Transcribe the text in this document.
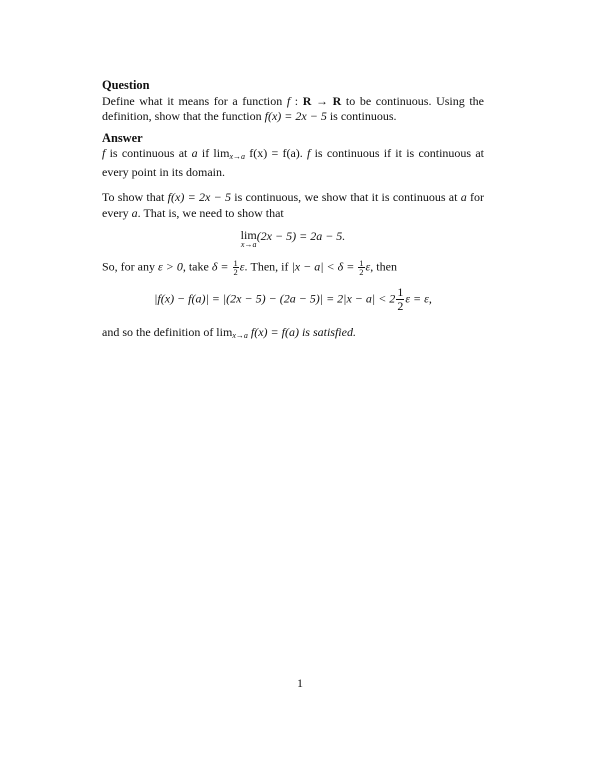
Question

Define what it means for a function f : R → R to be continuous. Using the definition, show that the function f(x) = 2x − 5 is continuous.

Answer

f is continuous at a if limx→a f(x) = f(a). f is continuous if it is continuous at every point in its domain.

To show that f(x) = 2x − 5 is continuous, we show that it is continuous at a for every a. That is, we need to show that

lim
x→a
(2x − 5) = 2a − 5.

So, for any ε > 0, take $\delta = \frac{1}{2} \varepsilon$. Then, if $|x - a| < \delta = \frac{1}{2} \varepsilon$, then

$|f(x) - f(a)| = |(2x - 5) - (2a - 5)| = 2|x - a| < 2 \frac{1}{2}$ ε = ε,

and so the definition of limx→a f(x) = f(a) is satisfied.

1
